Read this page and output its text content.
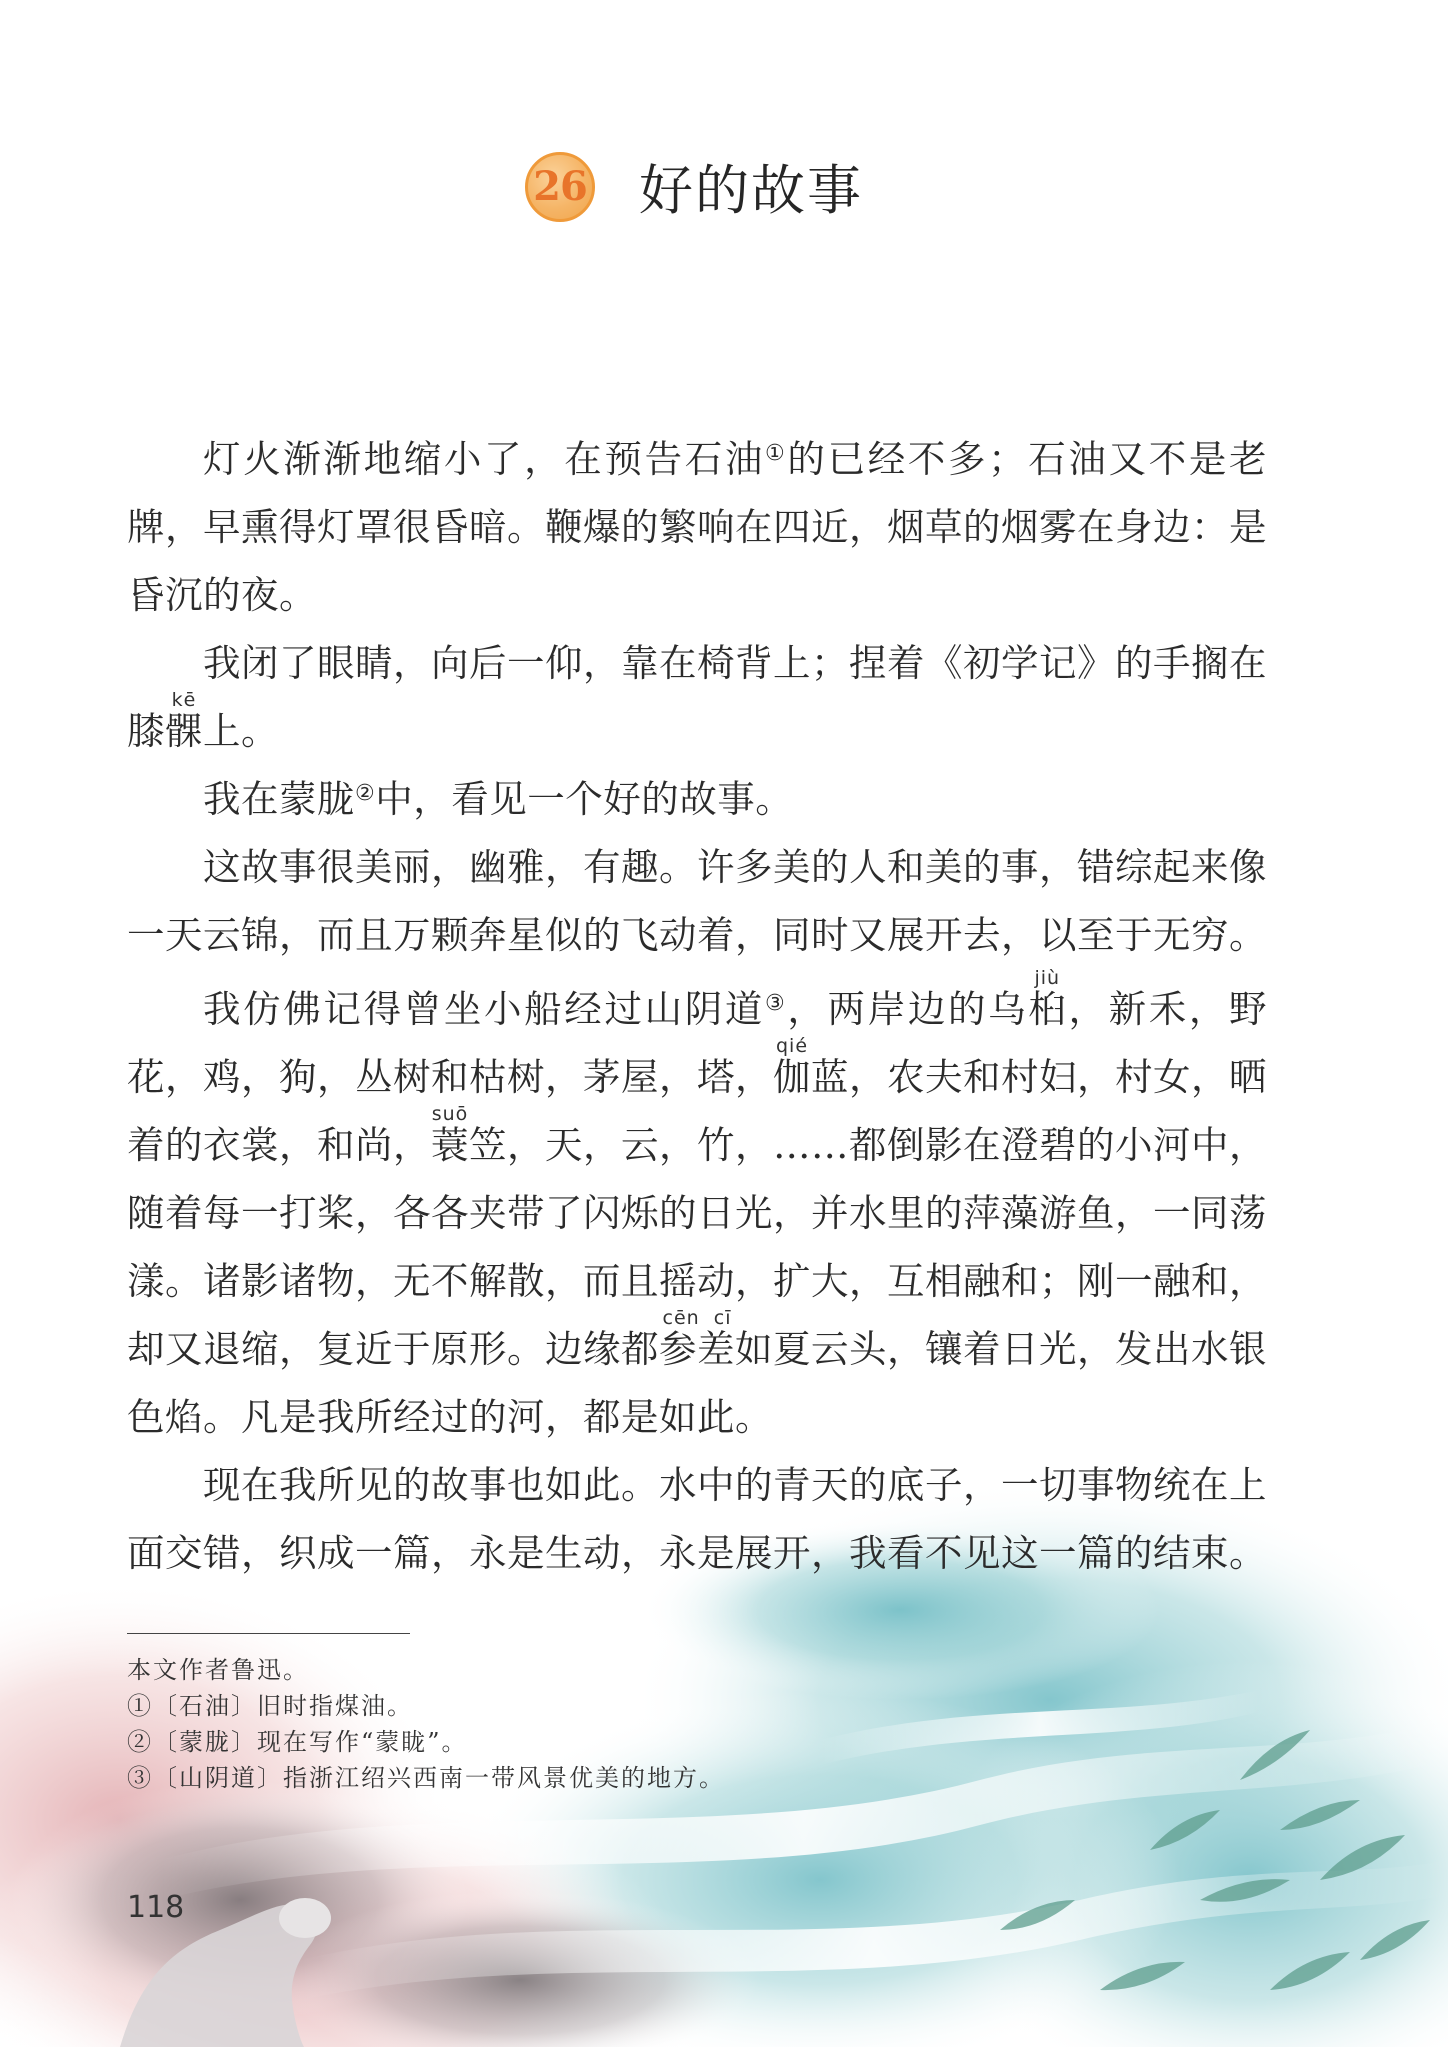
26 好的故事

灯火渐渐地缩小了，在预告石油①的已经不多；石油又不是老牌，早熏得灯罩很昏暗。鞭爆的繁响在四近，烟草的烟雾在身边：是昏沉的夜。

我闭了眼睛，向后一仰，靠在椅背上；捏着《初学记》的手搁在膝髁kē上。

我在蒙胧②中，看见一个好的故事。

这故事很美丽，幽雅，有趣。许多美的人和美的事，错综起来像一天云锦，而且万颗奔星似的飞动着，同时又展开去，以至于无穷。

我仿佛记得曾坐小船经过山阴道③，两岸边的乌桕jiù，新禾，野花，鸡，狗，丛树和枯树，茅屋，塔，伽qié蓝，农夫和村妇，村女，晒着的衣裳，和尚，蓑suō笠，天，云，竹，……都倒影在澄碧的小河中，随着每一打桨，各各夹带了闪烁的日光，并水里的萍藻游鱼，一同荡漾。诸影诸物，无不解散，而且摇动，扩大，互相融和；刚一融和，却又退缩，复近于原形。边缘都参差cēn cī如夏云头，镶着日光，发出水银色焰。凡是我所经过的河，都是如此。

现在我所见的故事也如此。水中的青天的底子，一切事物统在上面交错，织成一篇，永是生动，永是展开，我看不见这一篇的结束。

本文作者鲁迅。

①〔石油〕旧时指煤油。

②〔蒙胧〕现在写作“蒙眬”。

③〔山阴道〕指浙江绍兴西南一带风景优美的地方。

118
